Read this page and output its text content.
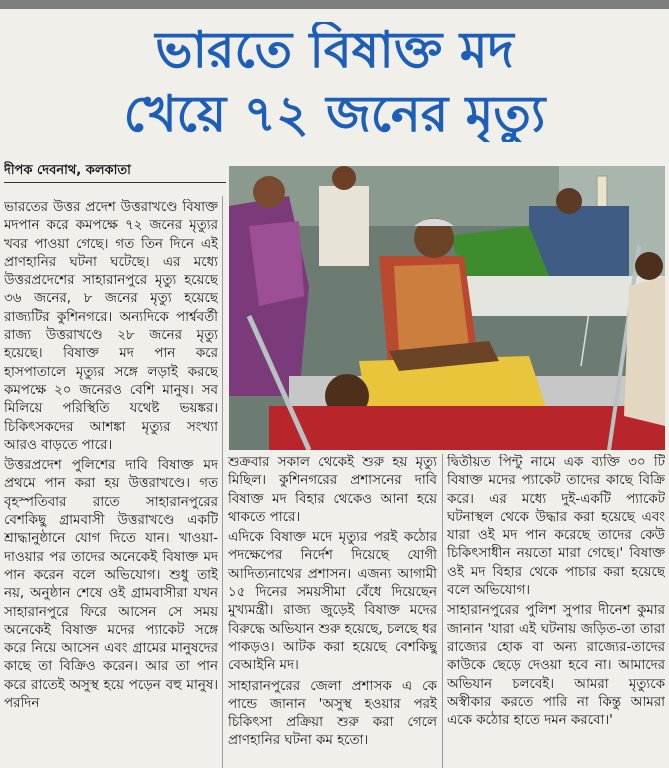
ভারতে বিষাক্ত মদ
খেয়ে ৭২ জনের মৃত্যু
দীপক দেবনাথ, কলকাতা

ভারতের উত্তর প্রদেশ উত্তরাখণ্ডে বিষাক্ত মদপান করে কমপক্ষে ৭২ জনের মৃত্যুর খবর পাওয়া গেছে। গত তিন দিনে এই প্রাণহানির ঘটনা ঘটেছে। এর মধ্যে উত্তরপ্রদেশের সাহারানপুরে মৃত্যু হয়েছে ৩৬ জনের, ৮ জনের মৃত্যু হয়েছে রাজ্যটির কুশিনগরে। অন্যদিকে পার্শ্ববর্তী রাজ্য উত্তরাখণ্ডে ২৮ জনের মৃত্যু হয়েছে। বিষাক্ত মদ পান করে হাসপাতালে মৃত্যুর সঙ্গে লড়াই করছে কমপক্ষে ২০ জনেরও বেশি মানুষ। সব মিলিয়ে পরিস্থিতি যথেষ্ট ভয়ঙ্কর। চিকিৎসকদের আশঙ্কা মৃত্যুর সংখ্যা আরও বাড়তে পারে।

উত্তরপ্রদেশ পুলিশের দাবি বিষাক্ত মদ প্রথমে পান করা হয় উত্তরাখণ্ডে। গত বৃহস্পতিবার রাতে সাহারানপুরের বেশকিছু গ্রামবাসী উত্তরাখণ্ডে একটি শ্রাদ্ধানুষ্ঠানে যোগ দিতে যান। খাওয়া-দাওয়ার পর তাদের অনেকেই বিষাক্ত মদ পান করেন বলে অভিযোগ। শুধু তাই নয়, অনুষ্ঠান শেষে ওই গ্রামবাসীরা যখন সাহারানপুরে ফিরে আসেন সে সময় অনেকেই বিষাক্ত মদের প্যাকেট সঙ্গে করে নিয়ে আসেন এবং গ্রামের মানুষদের কাছে তা বিক্রিও করেন। আর তা পান করে রাতেই অসুস্থ হয়ে পড়েন বহু মানুষ। পরদিন

শুক্রবার সকাল থেকেই শুরু হয় মৃত্যু মিছিল। কুশিনগরের প্রশাসনের দাবি বিষাক্ত মদ বিহার থেকেও আনা হয়ে থাকতে পারে।

এদিকে বিষাক্ত মদে মৃত্যুর পরই কঠোর পদক্ষেপের নির্দেশ দিয়েছে যোগী আদিত্যনাথের প্রশাসন। এজন্য আগামী ১৫ দিনের সময়সীমা বেঁধে দিয়েছেন মুখ্যমন্ত্রী। রাজ্য জুড়েই বিষাক্ত মদের বিরুদ্ধে অভিযান শুরু হয়েছে, চলছে ধর পাকড়ও। আটক করা হয়েছে বেশকিছু বেআইনি মদ।

সাহারানপুরের জেলা প্রশাসক এ কে পান্ডে জানান 'অসুস্থ হওয়ার পরই চিকিৎসা প্রক্রিয়া শুরু করা গেলে প্রাণহানির ঘটনা কম হতো।

দ্বিতীয়ত পিন্টু নামে এক ব্যক্তি ৩০ টি বিষাক্ত মদের প্যাকেট তাদের কাছে বিক্রি করে। এর মধ্যে দুই-একটি প্যাকেট ঘটনাস্থল থেকে উদ্ধার করা হয়েছে এবং যারা ওই মদ পান করেছে তাদের কেউ চিকিৎসাধীন নয়তো মারা গেছে।' বিষাক্ত ওই মদ বিহার থেকে পাচার করা হয়েছে বলে অভিযোগ।

সাহারানপুরের পুলিশ সুপার দীনেশ কুমার জানান 'যারা এই ঘটনায় জড়িত-তা তারা রাজ্যের হোক বা অন্য রাজ্যের-তাদের কাউকে ছেড়ে দেওয়া হবে না। আমাদের অভিযান চলবেই। আমরা মৃত্যুকে অস্বীকার করতে পারি না কিন্তু আমরা একে কঠোর হাতে দমন করবো।'
